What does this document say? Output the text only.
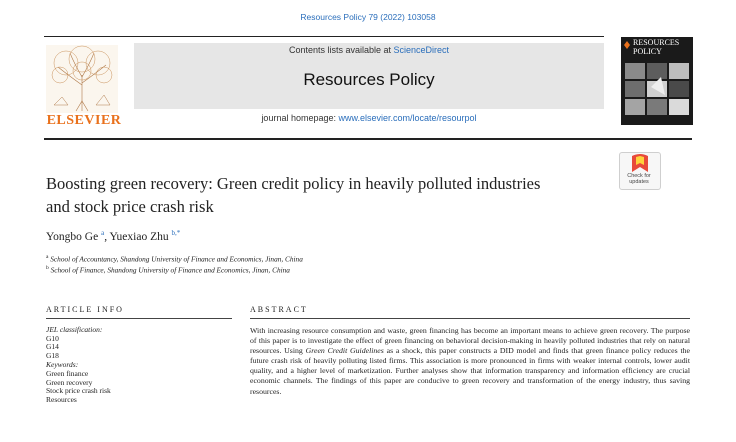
Resources Policy 79 (2022) 103058
ELSEVIER
Contents lists available at ScienceDirect
Resources Policy
journal homepage: www.elsevier.com/locate/resourpol
RESOURCES
POLICY
Boosting green recovery: Green credit policy in heavily polluted industries
and stock price crash risk
Check for
updates
Yongbo Ge $^a$, Yuexiao Zhu $^{b,*}$
$^a$ School of Accountancy, Shandong University of Finance and Economics, Jinan, China
$^b$ School of Finance, Shandong University of Finance and Economics, Jinan, China
ARTICLE INFO
JEL classification:
G10
G14
G18
Keywords:
Green finance
Green recovery
Stock price crash risk
Resources
ABSTRACT
With increasing resource consumption and waste, green financing has become an important means to achieve green recovery. The purpose of this paper is to investigate the effect of green financing on behavioral decision-making in heavily polluted industries that rely on natural resources. Using Green Credit Guidelines as a shock, this paper constructs a DID model and finds that green finance policy reduces the future crash risk of heavily polluting listed firms. This association is more pronounced in firms with weaker internal controls, lower audit quality, and a higher level of marketization. Further analyses show that information transparency and information efficiency are crucial economic channels. The findings of this paper are conducive to green recovery and transformation of the energy industry, thus saving resources.
